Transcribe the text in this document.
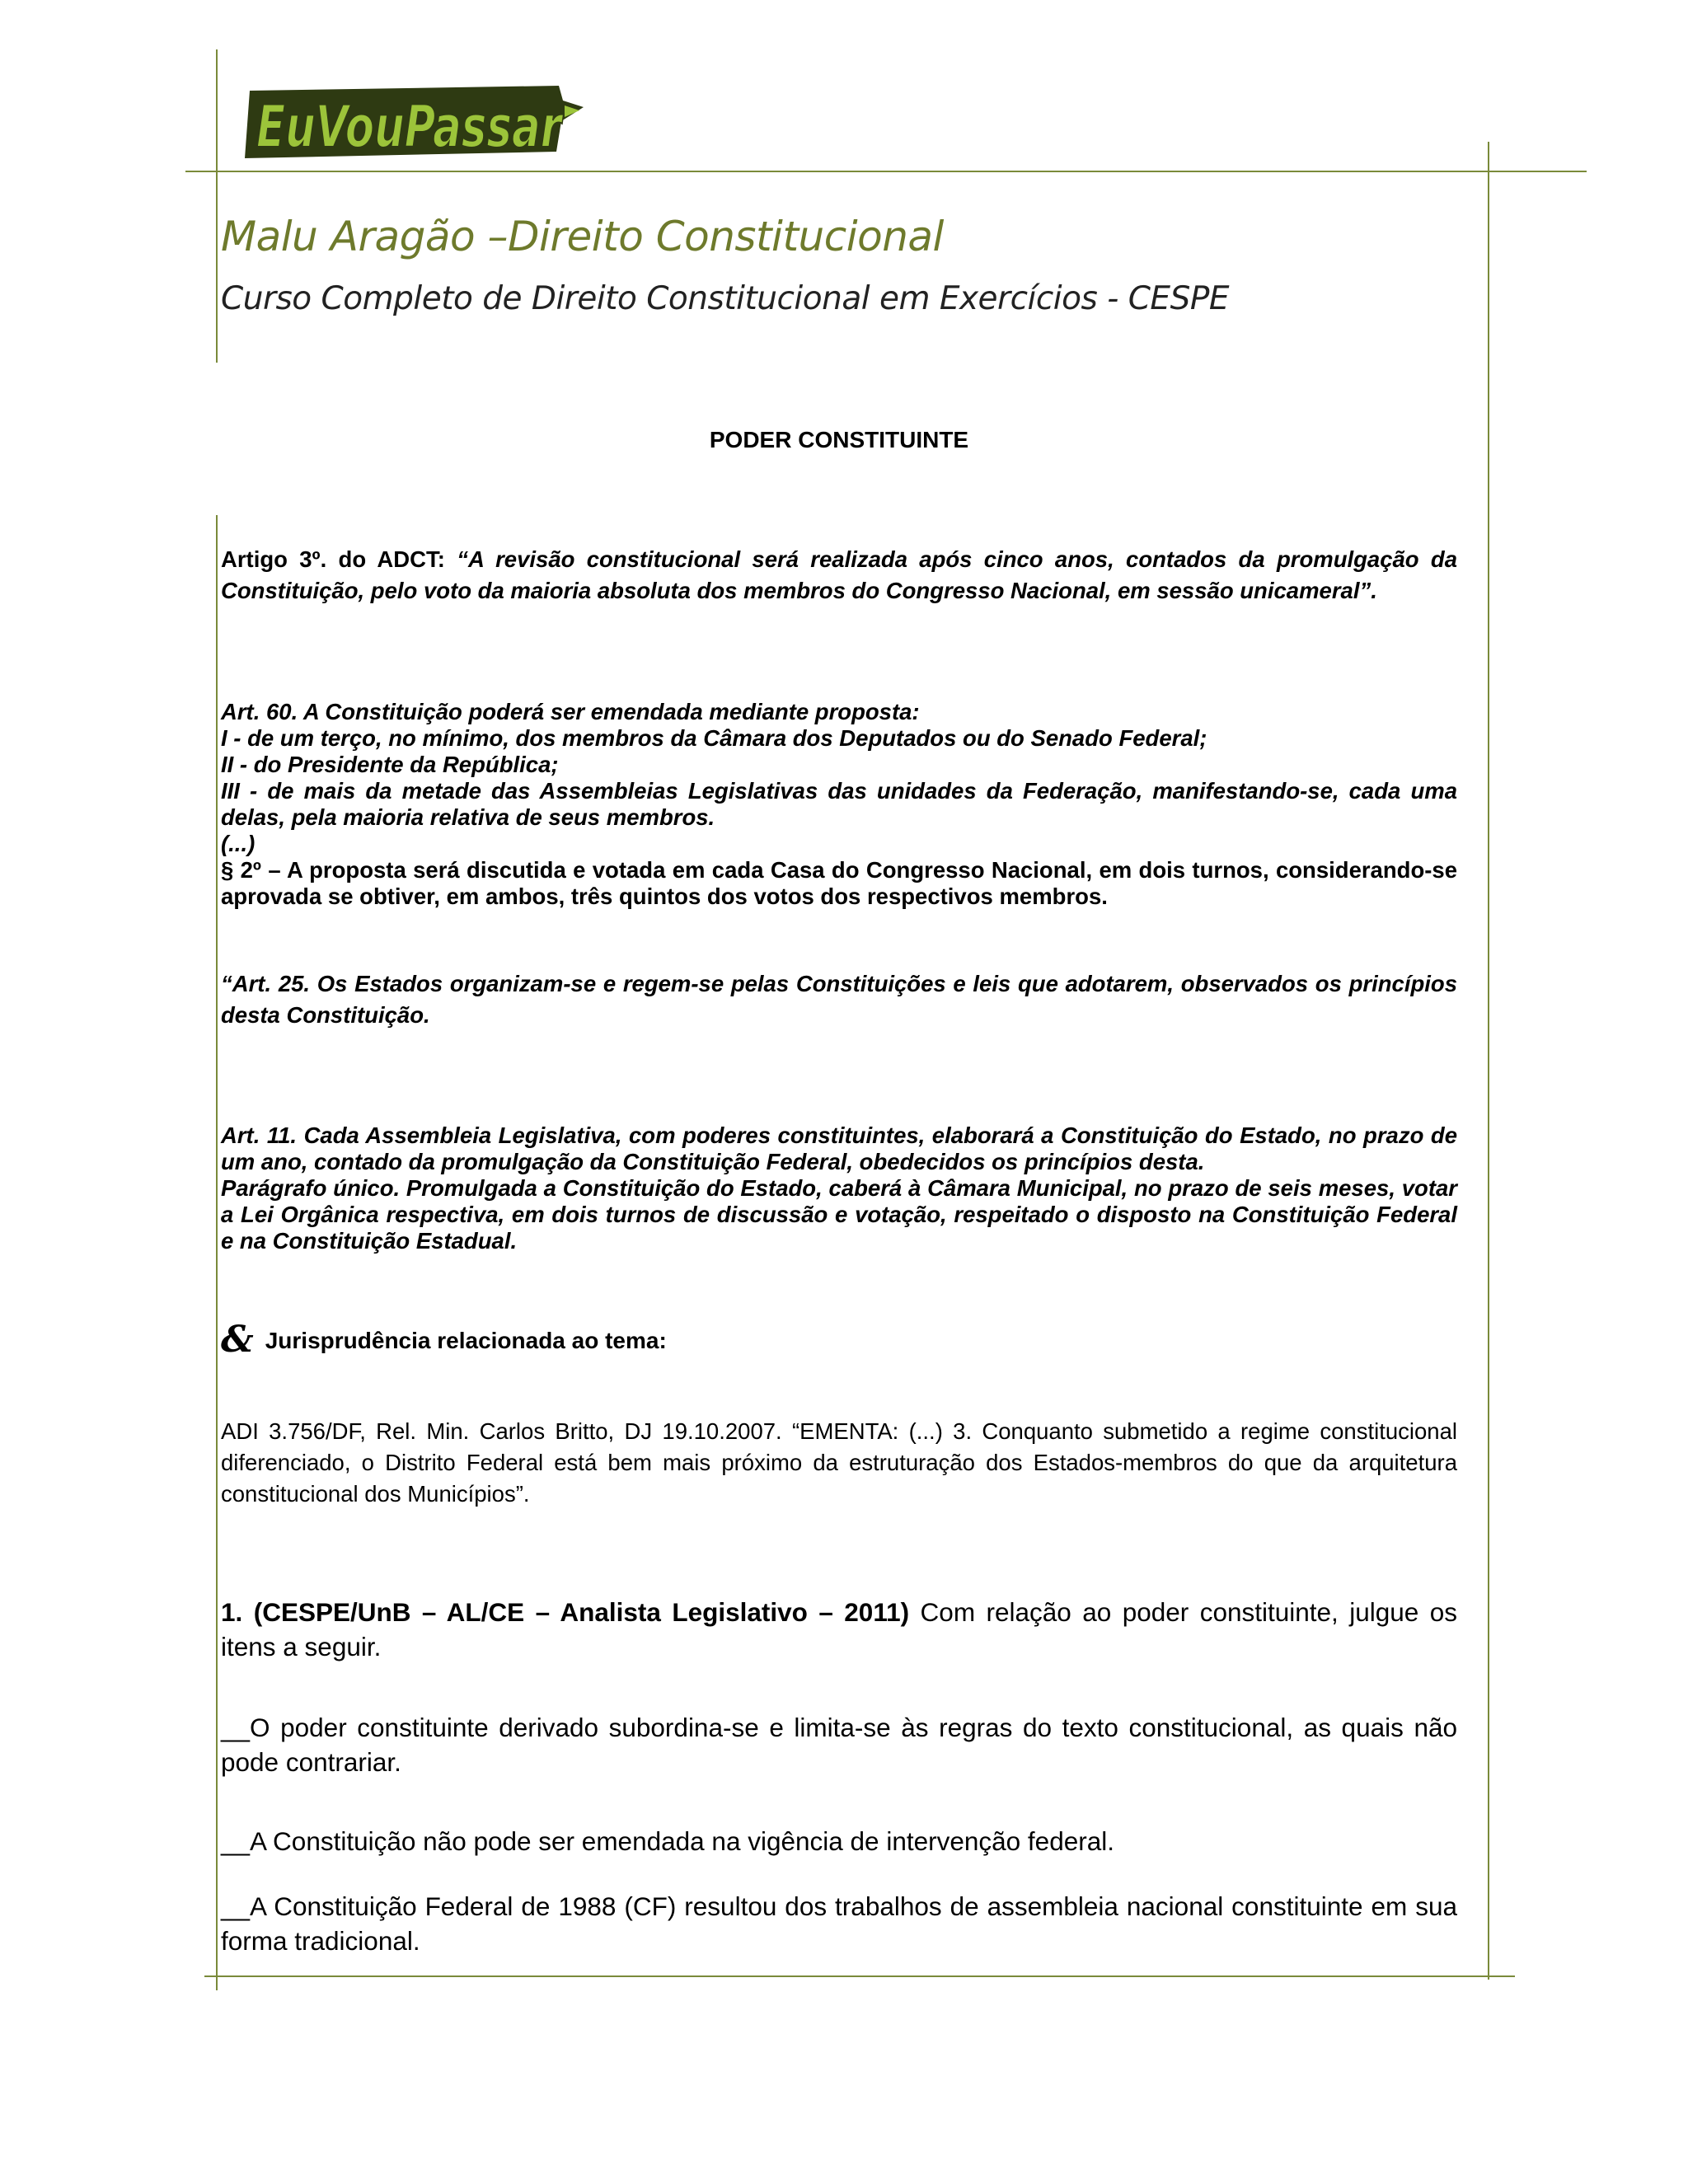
EuVouPassar
Malu Aragão –Direito Constitucional
Curso Completo de Direito Constitucional em Exercícios - CESPE
PODER CONSTITUINTE
Artigo 3º. do ADCT: “A revisão constitucional será realizada após cinco anos, contados da promulgação da Constituição, pelo voto da maioria absoluta dos membros do Congresso Nacional, em sessão unicameral”.
Art. 60. A Constituição poderá ser emendada mediante proposta:
I - de um terço, no mínimo, dos membros da Câmara dos Deputados ou do Senado Federal;
II - do Presidente da República;
III - de mais da metade das Assembleias Legislativas das unidades da Federação, manifestando-se, cada uma delas, pela maioria relativa de seus membros.
(...)
§ 2º – A proposta será discutida e votada em cada Casa do Congresso Nacional, em dois turnos, considerando-se aprovada se obtiver, em ambos, três quintos dos votos dos respectivos membros.
“Art. 25. Os Estados organizam-se e regem-se pelas Constituições e leis que adotarem, observados os princípios desta Constituição.
Art. 11. Cada Assembleia Legislativa, com poderes constituintes, elaborará a Constituição do Estado, no prazo de um ano, contado da promulgação da Constituição Federal, obedecidos os princípios desta.
Parágrafo único. Promulgada a Constituição do Estado, caberá à Câmara Municipal, no prazo de seis meses, votar a Lei Orgânica respectiva, em dois turnos de discussão e votação, respeitado o disposto na Constituição Federal e na Constituição Estadual.
& Jurisprudência relacionada ao tema:
ADI 3.756/DF, Rel. Min. Carlos Britto, DJ 19.10.2007. “EMENTA: (...) 3. Conquanto submetido a regime constitucional diferenciado, o Distrito Federal está bem mais próximo da estruturação dos Estados-membros do que da arquitetura constitucional dos Municípios”.
1. (CESPE/UnB – AL/CE – Analista Legislativo – 2011) Com relação ao poder constituinte, julgue os itens a seguir.
__O poder constituinte derivado subordina-se e limita-se às regras do texto constitucional, as quais não pode contrariar.
__A Constituição não pode ser emendada na vigência de intervenção federal.
__A Constituição Federal de 1988 (CF) resultou dos trabalhos de assembleia nacional constituinte em sua forma tradicional.
